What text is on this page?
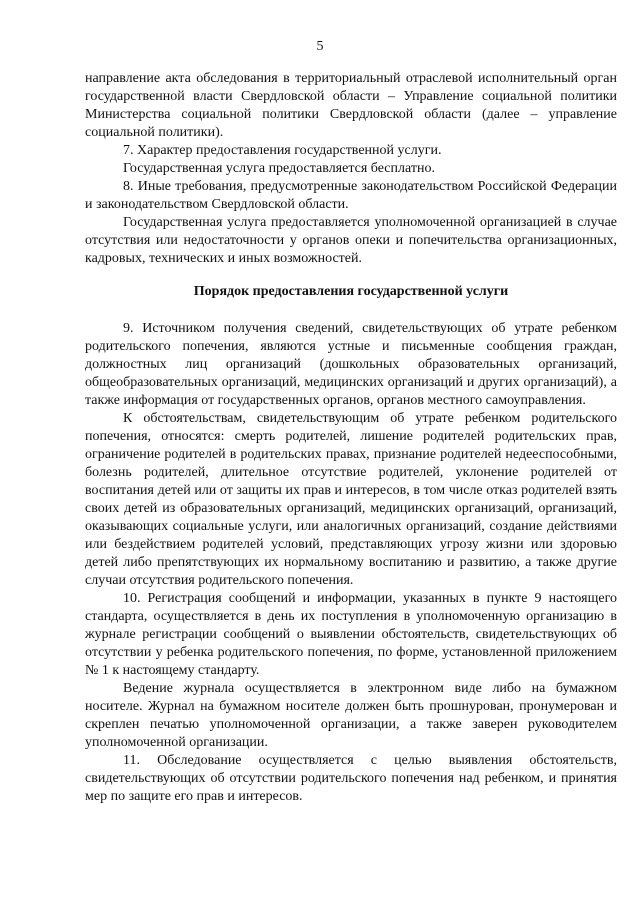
5

направление акта обследования в территориальный отраслевой исполнительный орган государственной власти Свердловской области – Управление социальной политики Министерства социальной политики Свердловской области (далее – управление социальной политики).

7. Характер предоставления государственной услуги.

Государственная услуга предоставляется бесплатно.

8. Иные требования, предусмотренные законодательством Российской Федерации и законодательством Свердловской области.

Государственная услуга предоставляется уполномоченной организацией в случае отсутствия или недостаточности у органов опеки и попечительства организационных, кадровых, технических и иных возможностей.

Порядок предоставления государственной услуги

9. Источником получения сведений, свидетельствующих об утрате ребенком родительского попечения, являются устные и письменные сообщения граждан, должностных лиц организаций (дошкольных образовательных организаций, общеобразовательных организаций, медицинских организаций и других организаций), а также информация от государственных органов, органов местного самоуправления.

К обстоятельствам, свидетельствующим об утрате ребенком родительского попечения, относятся: смерть родителей, лишение родителей родительских прав, ограничение родителей в родительских правах, признание родителей недееспособными, болезнь родителей, длительное отсутствие родителей, уклонение родителей от воспитания детей или от защиты их прав и интересов, в том числе отказ родителей взять своих детей из образовательных организаций, медицинских организаций, организаций, оказывающих социальные услуги, или аналогичных организаций, создание действиями или бездействием родителей условий, представляющих угрозу жизни или здоровью детей либо препятствующих их нормальному воспитанию и развитию, а также другие случаи отсутствия родительского попечения.

10. Регистрация сообщений и информации, указанных в пункте 9 настоящего стандарта, осуществляется в день их поступления в уполномоченную организацию в журнале регистрации сообщений о выявлении обстоятельств, свидетельствующих об отсутствии у ребенка родительского попечения, по форме, установленной приложением № 1 к настоящему стандарту.

Ведение журнала осуществляется в электронном виде либо на бумажном носителе. Журнал на бумажном носителе должен быть прошнурован, пронумерован и скреплен печатью уполномоченной организации, а также заверен руководителем уполномоченной организации.

11. Обследование осуществляется с целью выявления обстоятельств, свидетельствующих об отсутствии родительского попечения над ребенком, и принятия мер по защите его прав и интересов.
